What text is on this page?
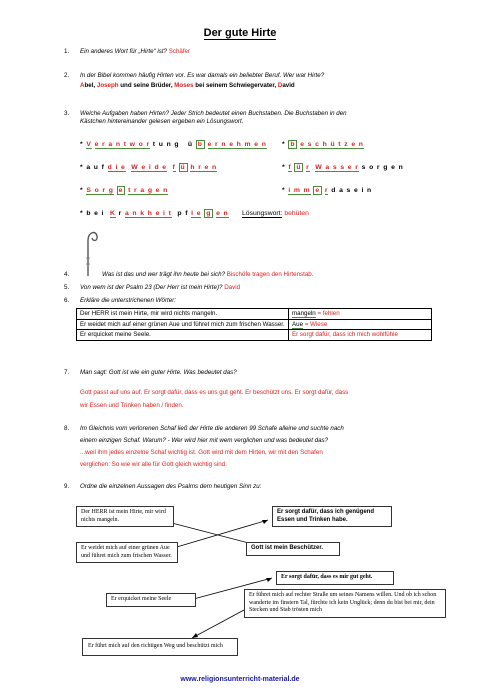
Der gute Hirte
1. Ein anderes Wort für „Hirte“ ist? Schäfer
2. In der Bibel kommen häufig Hirten vor. Es war damals ein beliebter Beruf. Wer war Hirte?
Abel, Joseph und seine Brüder, Moses bei seinem Schwiegervater, David
3. Welche Aufgaben haben Hirten? Jeder Strich bedeutet einen Buchstaben. Die Buchstaben in den
Kästchen hintereinander gelesen ergeben ein Lösungswort.
* V e r a n t w o r t u n g   ü b e r n e h m e n * b e s c h ü t z e n
* a u f d i e W e i d e f ü h r e n	* f ü r W a s s e r s o r g e n
* S o r g e t r a g e n	* i m m e r d a s e i n
* b e i  K r a n k h e i t  p f l e g e n Lösungswort: behüten
4.	Was ist das und wer trägt ihn heute bei sich? Bischöfe tragen den Hirtenstab.
5. Von wem ist der Psalm 23 (Der Herr ist mein Hirte)? David
6. Erkläre die unterstrichenen Wörter:
Der HERR ist mein Hirte, mir wird nichts mangeln.	mangeln = fehlen
Er weidet mich auf einer grünen Aue und führet mich zum frischen Wasser.	Aue = Wiese
Er erquicket meine Seele.	Er sorgt dafür, dass ich mich wohlfühle
7. Man sagt: Gott ist wie ein guter Hirte. Was bedeutet das?
Gott passt auf uns auf. Er sorgt dafür, dass es uns gut geht. Er beschützt uns. Er sorgt dafür, dass
wir Essen und Trinken haben / finden.
8. Im Gleichnis vom verlorenen Schaf ließ der Hirte die anderen 99 Schafe alleine und suchte nach
einem einzigen Schaf. Warum? - Wer wird hier mit wem verglichen und was bedeutet das?
...weil ihm jedes einzelne Schaf wichtig ist. Gott wird mit dem Hirten, wir mit den Schafen
verglichen: So wie wir alle für Gott gleich wichtig sind.
9. Ordne die einzelnen Aussagen des Psalms dem heutigen Sinn zu:
Der HERR ist mein Hirte, mir wird nichts mangeln.
Er sorgt dafür, dass ich genügend Essen und Trinken habe.
Er weidet mich auf einer grünen Aue und führet mich zum frischen Wasser.
Gott ist mein Beschützer.
Er sorgt dafür, dass es mir gut geht.
Er erquicket meine Seele
Er führet mich auf rechter Straße um seines Namens willen. Und ob ich schon wanderte im finstern Tal, fürchte ich kein Unglück; denn du bist bei mir, dein Stecken und Stab trösten mich
Er führt mich auf den richtigen Weg und beschützt mich
www.religionsunterricht-material.de
